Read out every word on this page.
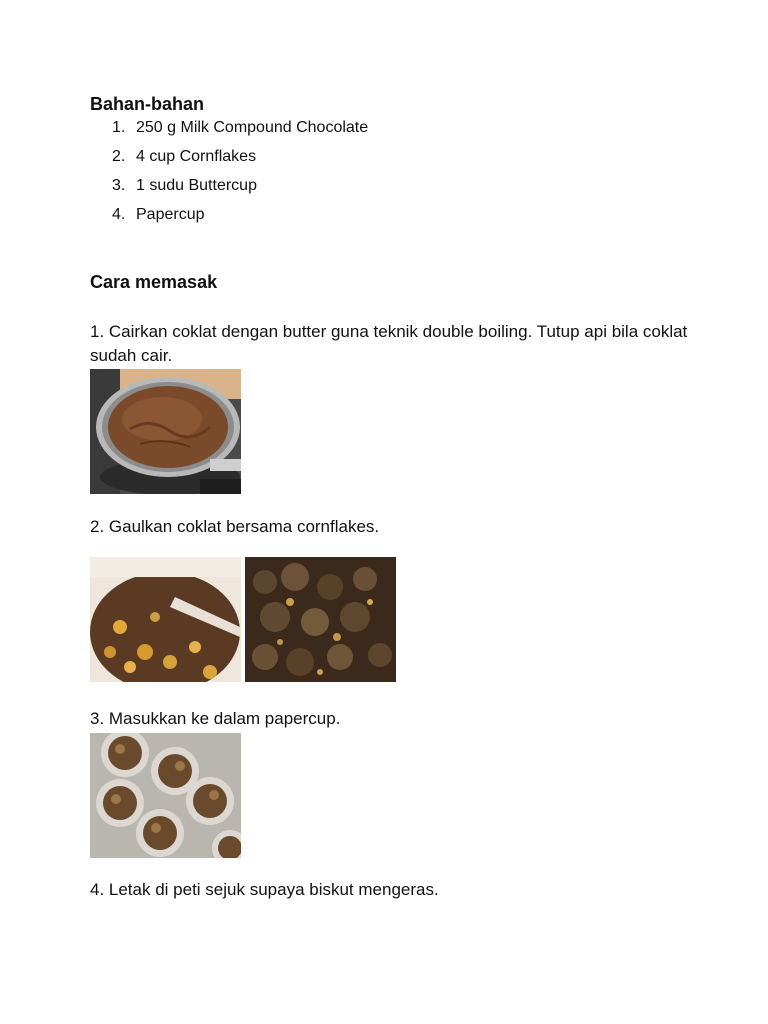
Bahan-bahan
1. 250 g Milk Compound Chocolate
2. 4 cup Cornflakes
3. 1 sudu Buttercup
4. Papercup
Cara memasak

1. Cairkan coklat dengan butter guna teknik double boiling. Tutup api bila coklat sudah cair.

2. Gaulkan coklat bersama cornflakes.

3. Masukkan ke dalam papercup.

4. Letak di peti sejuk supaya biskut mengeras.
